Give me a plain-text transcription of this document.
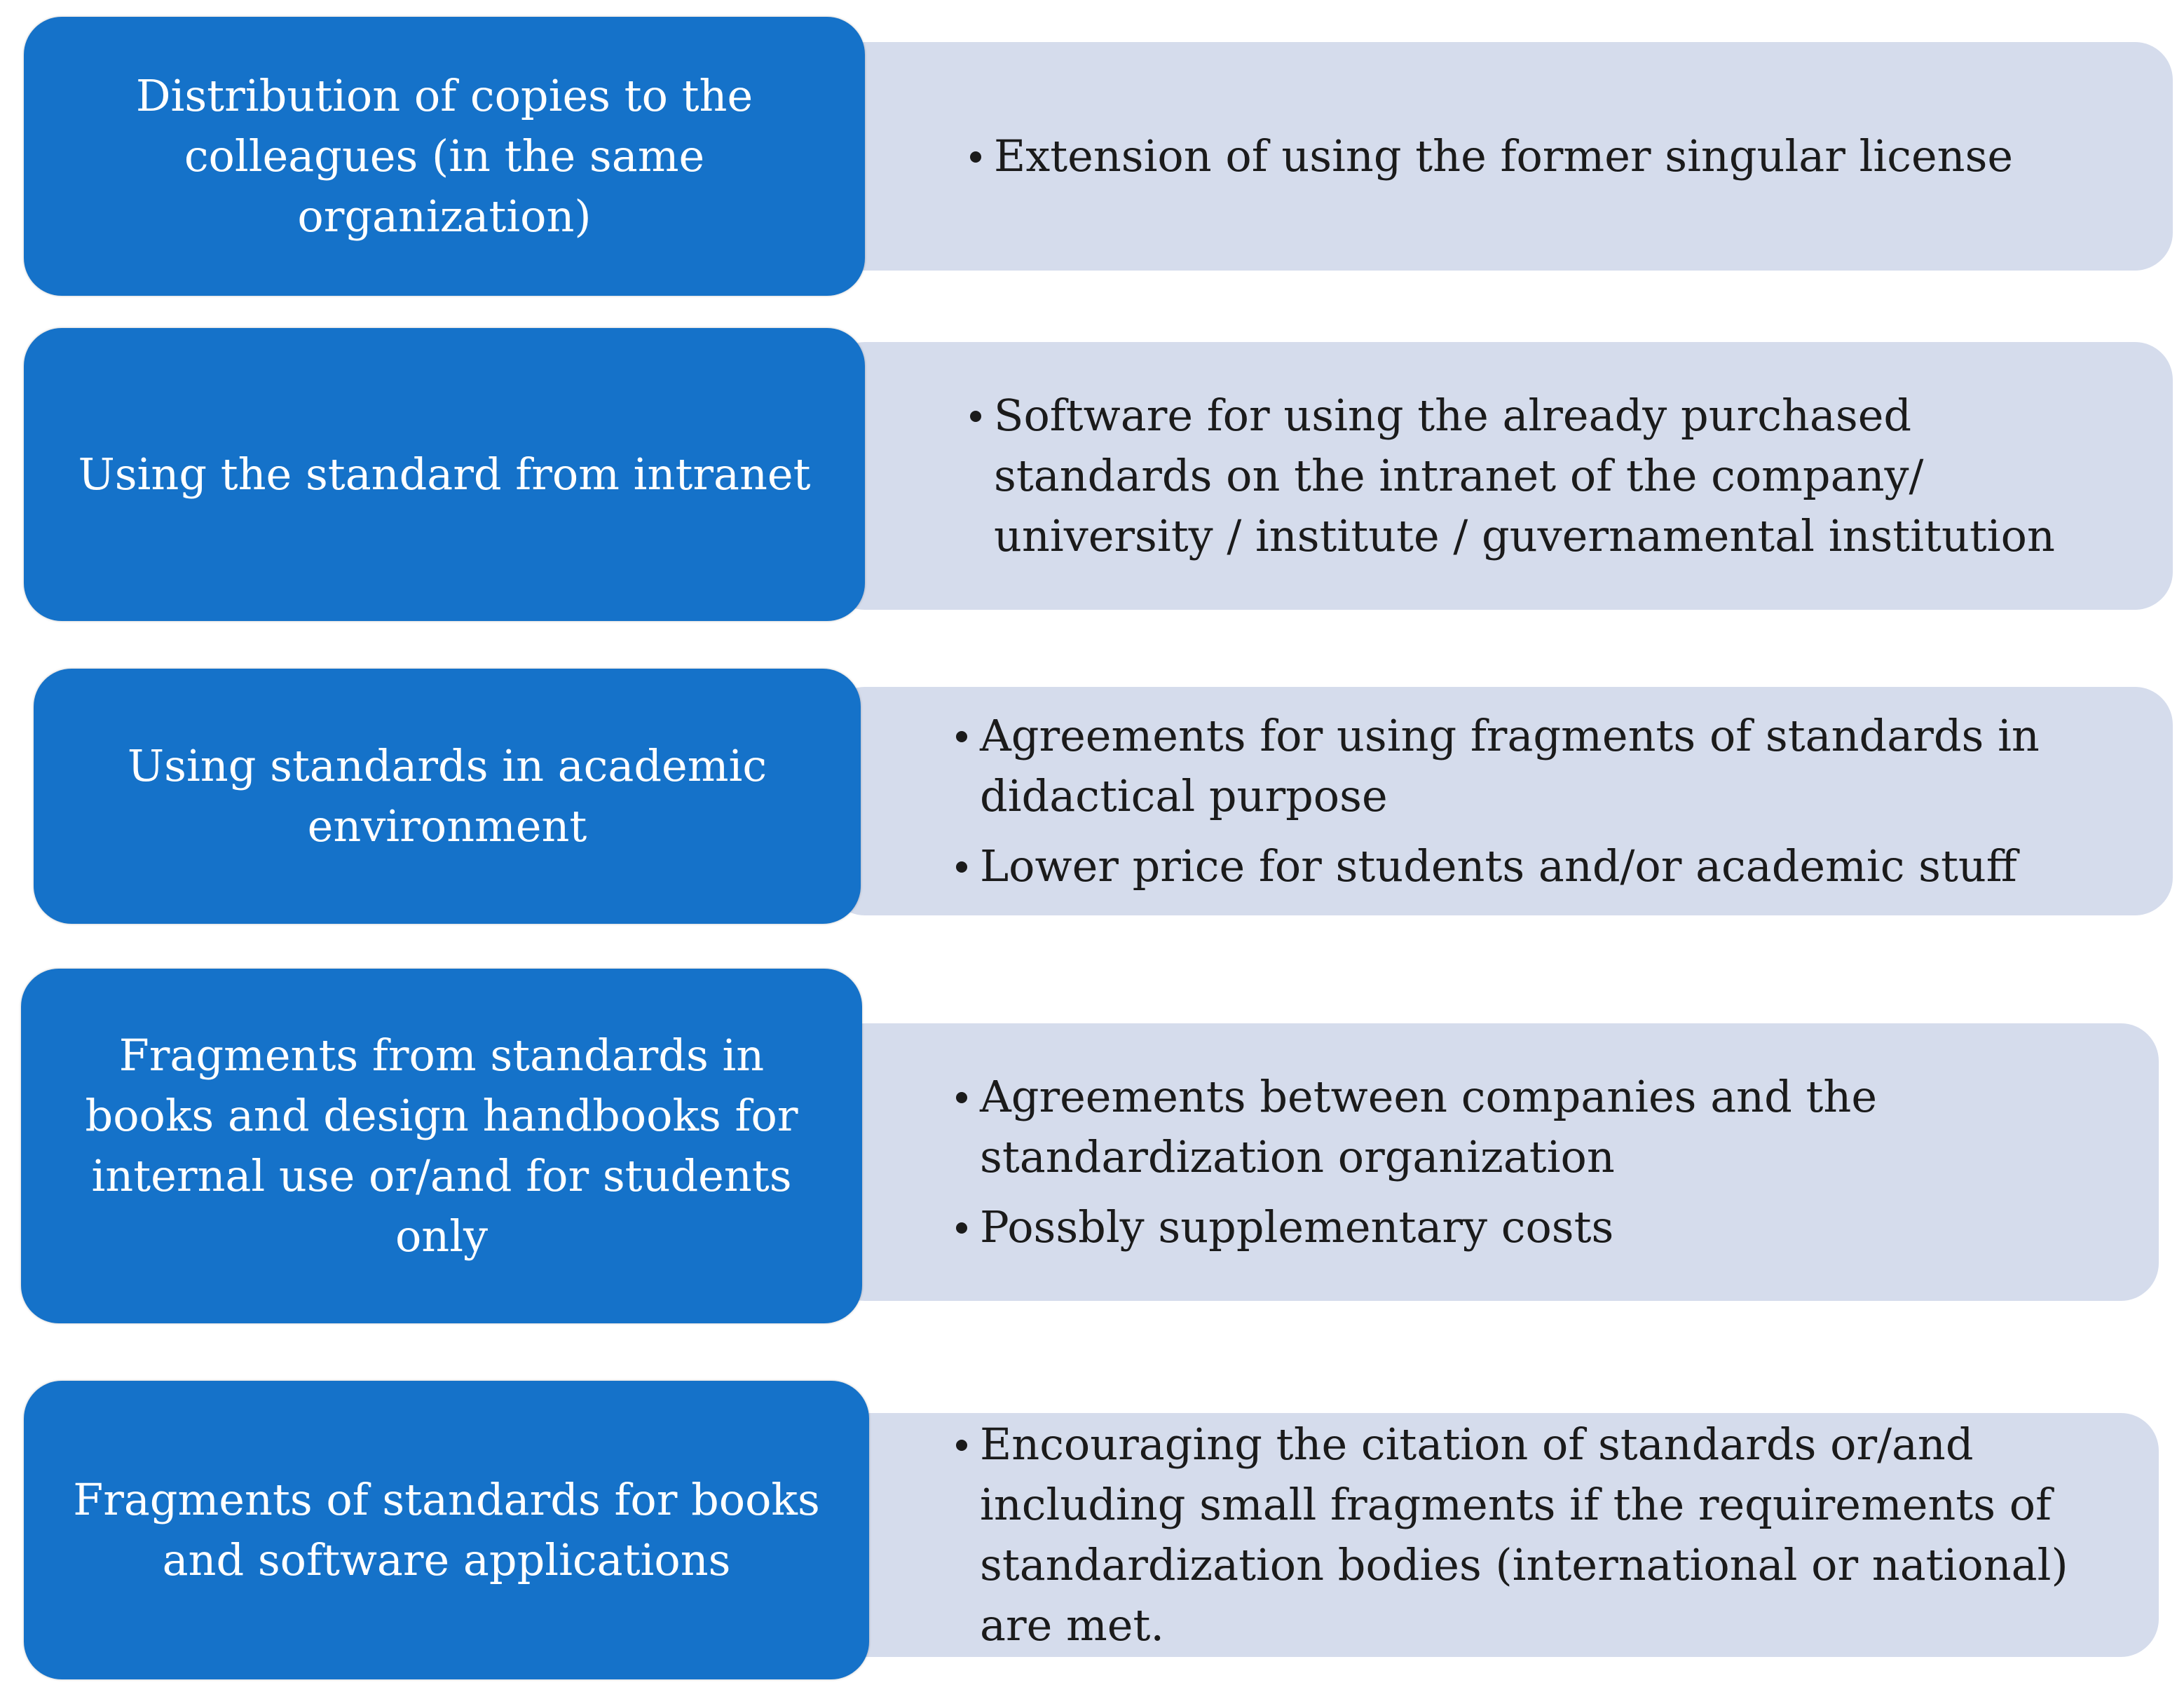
Extension of using the former singular license
Distribution of copies to the colleagues (in the same organization)
Software for using the already purchased standards on the intranet of the company/ university / institute / guvernamental institution
Using the standard from intranet
Agreements for using fragments of standards in didactical purpose
Lower price for students and/or academic stuff
Using standards in academic environment
Agreements between companies and the standardization organization
Possbly supplementary costs
Fragments from standards in books and design handbooks for internal use or/and for students only
Encouraging the citation of standards or/and including small fragments if the requirements of standardization bodies (international or national) are met.
Fragments of standards for books and software applications
